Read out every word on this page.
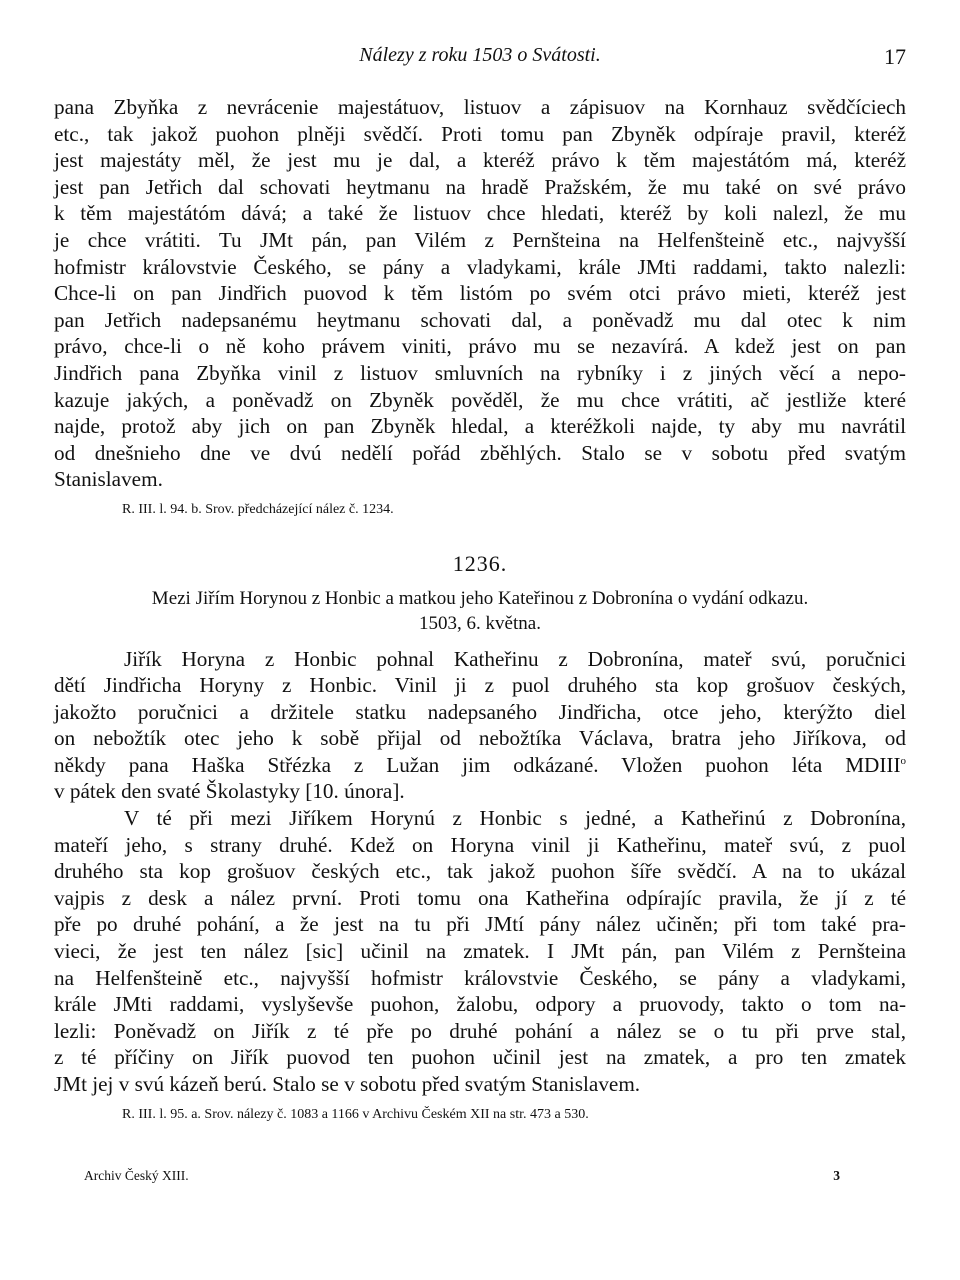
Nálezy z roku 1503 o Svátosti.	17

pana Zbyňka z nevrácenie majestátuov, listuov a zápisuov na Kornhauz svědčíciech
etc., tak jakož puohon plněji svědčí. Proti tomu pan Zbyněk odpíraje pravil, kteréž
jest majestáty měl, že jest mu je dal, a kteréž právo k těm majestátóm má, kteréž
jest pan Jetřich dal schovati heytmanu na hradě Pražském, že mu také on své právo
k těm majestátóm dává; a také že listuov chce hledati, kteréž by koli nalezl, že mu
je chce vrátiti. Tu JMt pán, pan Vilém z Pernšteina na Helfenšteině etc., najvyšší
hofmistr královstvie Českého, se pány a vladykami, krále JMti raddami, takto nalezli:
Chce-li on pan Jindřich puovod k těm listóm po svém otci právo mieti, kteréž jest
pan Jetřich nadepsanému heytmanu schovati dal, a poněvadž mu dal otec k nim
právo, chce-li o ně koho právem viniti, právo mu se nezavírá. A kdež jest on pan
Jindřich pana Zbyňka vinil z listuov smluvních na rybníky i z jiných věcí a nepo-
kazuje jakých, a poněvadž on Zbyněk pověděl, že mu chce vrátiti, ač jestliže které
najde, protož aby jich on pan Zbyněk hledal, a kteréžkoli najde, ty aby mu navrátil
od dnešnieho dne ve dvú nedělí pořád zběhlých. Stalo se v sobotu před svatým
Stanislavem.

R. III. l. 94. b. Srov. předcházející nález č. 1234.
1236.
Mezi Jiřím Horynou z Honbic a matkou jeho Kateřinou z Dobronína o vydání odkazu.
1503, 6. května.

Jiřík Horyna z Honbic pohnal Katheřinu z Dobronína, mateř svú, poručnici
dětí Jindřicha Horyny z Honbic. Vinil ji z puol druhého sta kop grošuov českých,
jakožto poručnici a držitele statku nadepsaného Jindřicha, otce jeho, kterýžto diel
on nebožtík otec jeho k sobě přijal od nebožtíka Václava, bratra jeho Jiříkova, od
někdy pana Haška Střézka z Lužan jim odkázané. Vložen puohon léta MDIII$^o$
v pátek den svaté Školastyky [10. února].

V té při mezi Jiříkem Horynú z Honbic s jedné, a Katheřinú z Dobronína,
mateří jeho, s strany druhé. Kdež on Horyna vinil ji Katheřinu, mateř svú, z puol
druhého sta kop grošuov českých etc., tak jakož puohon šíře svědčí. A na to ukázal
vajpis z desk a nález první. Proti tomu ona Katheřina odpírajíc pravila, že jí z té
pře po druhé pohání, a že jest na tu při JMtí pány nález učiněn; při tom také pra-
vieci, že jest ten nález [sic] učinil na zmatek. I JMt pán, pan Vilém z Pernšteina
na Helfenšteině etc., najvyšší hofmistr královstvie Českého, se pány a vladykami,
krále JMti raddami, vyslyševše puohon, žalobu, odpory a pruovody, takto o tom na-
lezli: Poněvadž on Jiřík z té pře po druhé pohání a nález se o tu při prve stal,
z té příčiny on Jiřík puovod ten puohon učinil jest na zmatek, a pro ten zmatek
JMt jej v svú kázeň berú. Stalo se v sobotu před svatým Stanislavem.

R. III. l. 95. a. Srov. nálezy č. 1083 a 1166 v Archivu Českém XII na str. 473 a 530.
Archiv Český XIII.	3
